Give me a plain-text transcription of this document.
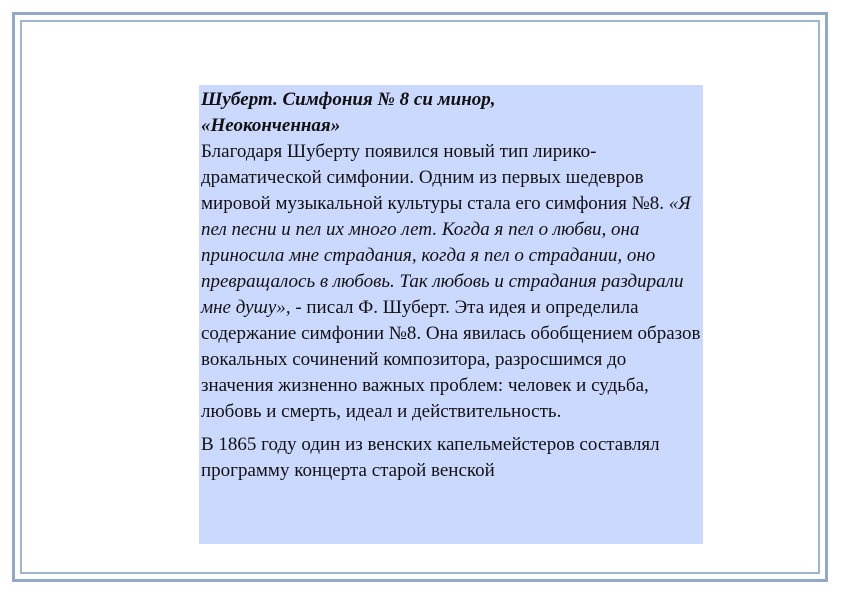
Шуберт. Симфония № 8 си минор,
«Неоконченная»

Благодаря Шуберту появился новый тип лирико-драматической симфонии. Одним из первых шедевров мировой музыкальной культуры стала его симфония №8. «Я пел песни и пел их много лет. Когда я пел о любви, она приносила мне страдания, когда я пел о страдании, оно превращалось в любовь. Так любовь и страдания раздирали мне душу», - писал Ф. Шуберт. Эта идея и определила содержание симфонии №8. Она явилась обобщением образов вокальных сочинений композитора, разросшимся до значения жизненно важных проблем: человек и судьба, любовь и смерть, идеал и действительность.

В 1865 году один из венских капельмейстеров составлял программу концерта старой венской
